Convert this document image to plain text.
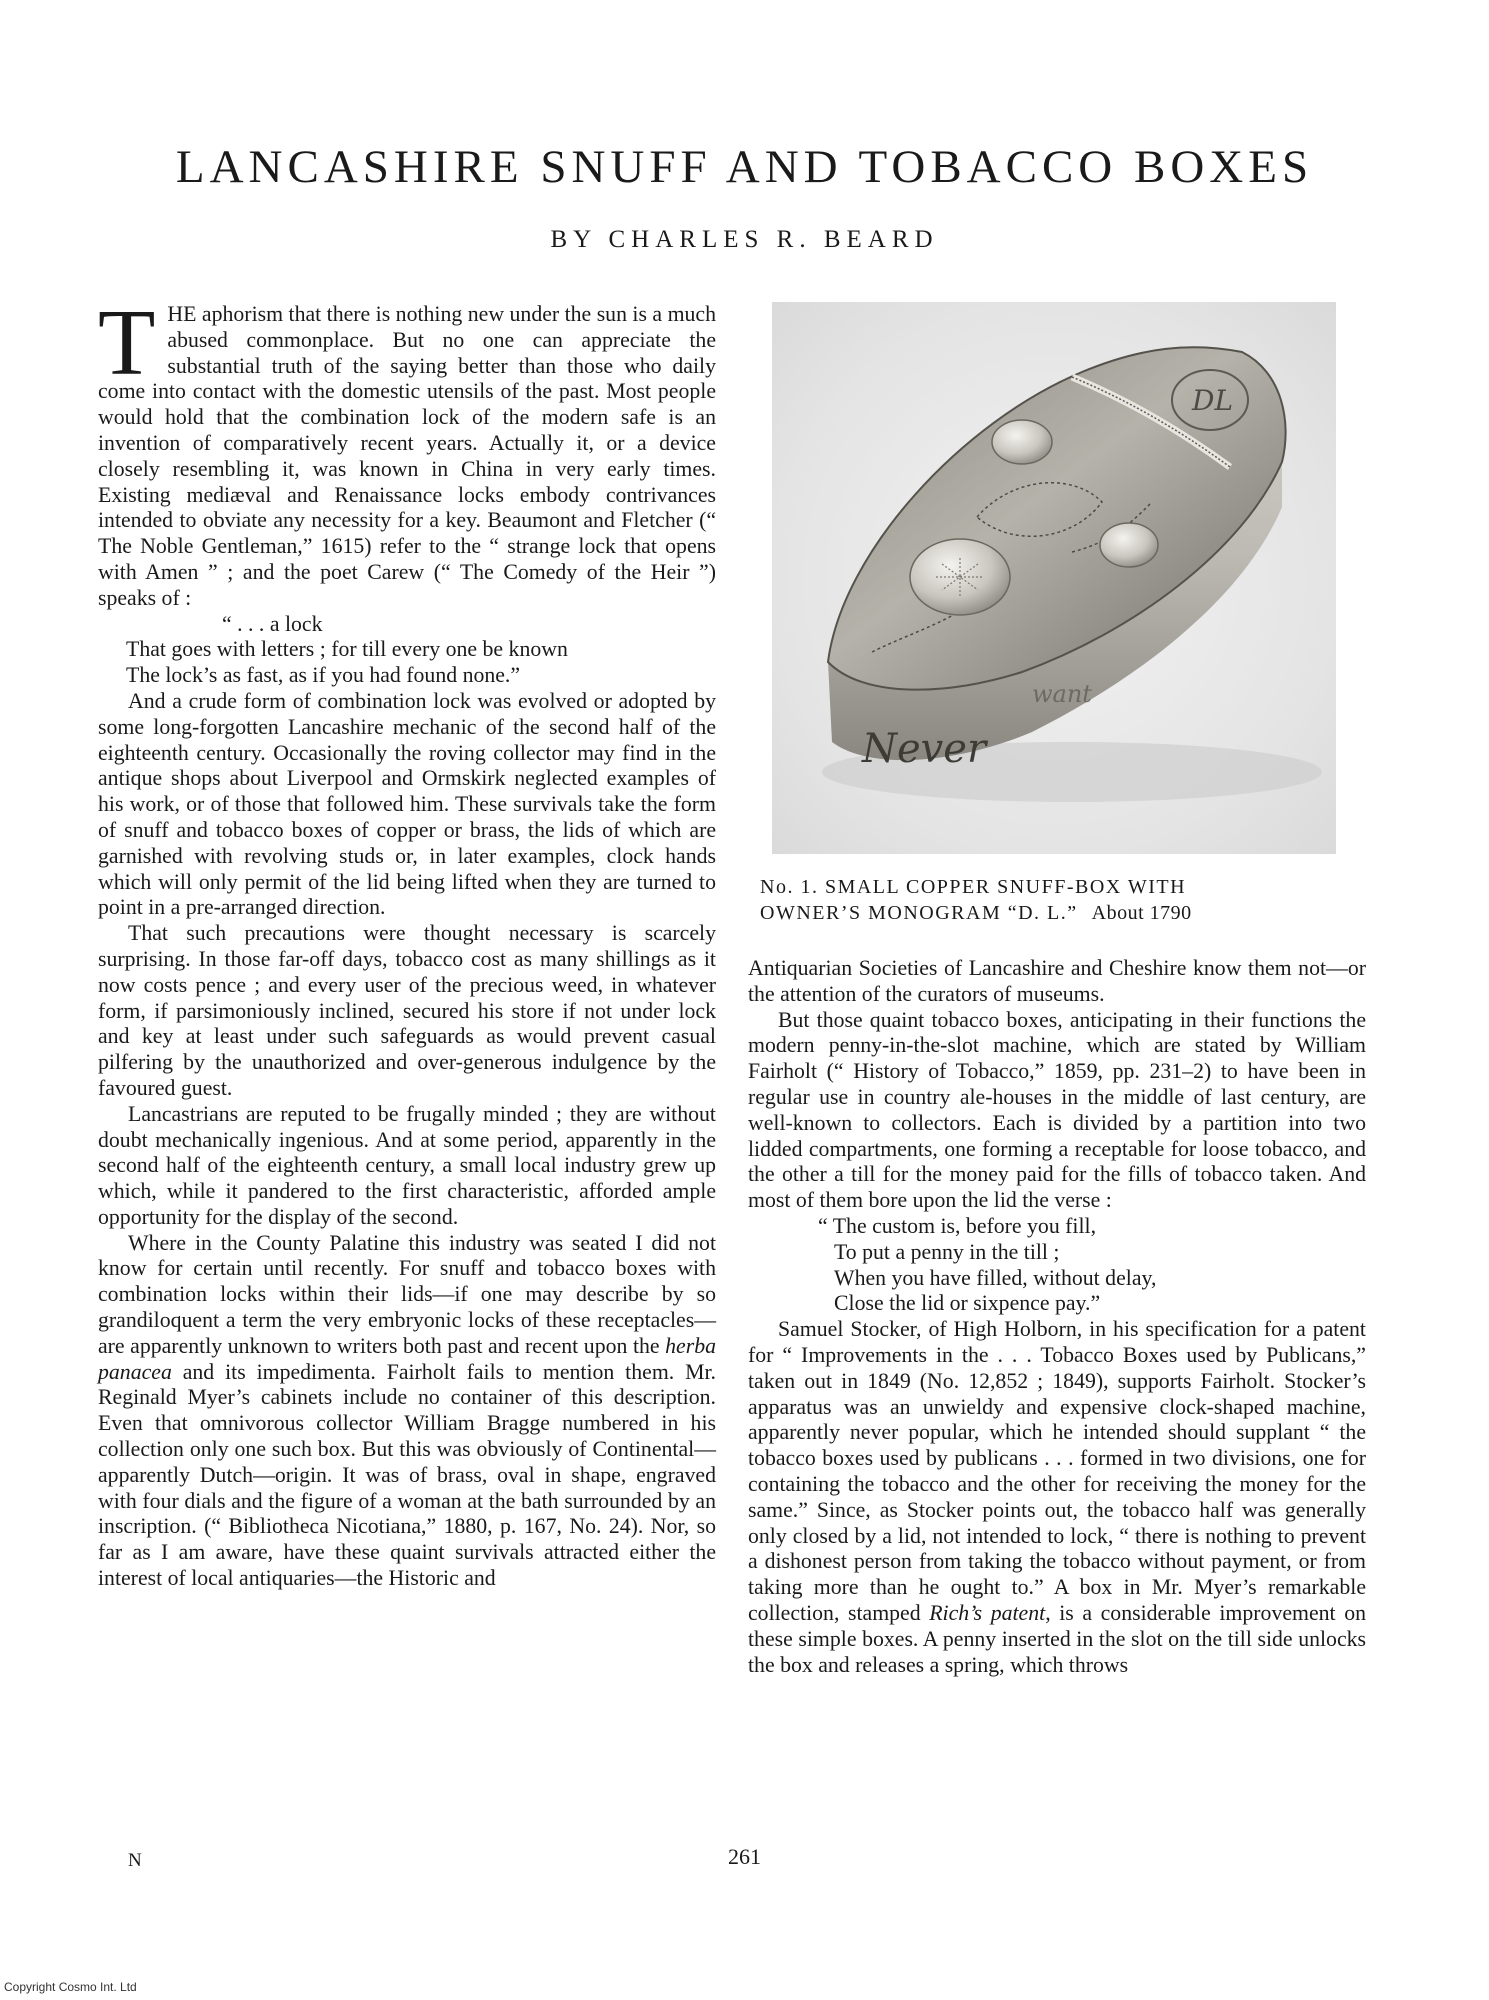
LANCASHIRE SNUFF AND TOBACCO BOXES
BY CHARLES R. BEARD

THE aphorism that there is nothing new under the sun is a much abused commonplace. But no one can appreciate the substantial truth of the saying better than those who daily come into contact with the domestic utensils of the past. Most people would hold that the combination lock of the modern safe is an invention of comparatively recent years. Actually it, or a device closely resembling it, was known in China in very early times. Existing mediæval and Renaissance locks embody contrivances intended to obviate any necessity for a key. Beaumont and Fletcher (“ The Noble Gentleman,” 1615) refer to the “ strange lock that opens with Amen ” ; and the poet Carew (“ The Comedy of the Heir ”) speaks of :

“ . . . a lock
That goes with letters ; for till every one be known
The lock’s as fast, as if you had found none.”

And a crude form of combination lock was evolved or adopted by some long-forgotten Lancashire mechanic of the second half of the eighteenth century. Occasionally the roving collector may find in the antique shops about Liverpool and Ormskirk neglected examples of his work, or of those that followed him. These survivals take the form of snuff and tobacco boxes of copper or brass, the lids of which are garnished with revolving studs or, in later examples, clock hands which will only permit of the lid being lifted when they are turned to point in a pre-arranged direction.

That such precautions were thought necessary is scarcely surprising. In those far-off days, tobacco cost as many shillings as it now costs pence ; and every user of the precious weed, in whatever form, if parsimoniously inclined, secured his store if not under lock and key at least under such safeguards as would prevent casual pilfering by the unauthorized and over-generous indulgence by the favoured guest.

Lancastrians are reputed to be frugally minded ; they are without doubt mechanically ingenious. And at some period, apparently in the second half of the eighteenth century, a small local industry grew up which, while it pandered to the first characteristic, afforded ample opportunity for the display of the second.

Where in the County Palatine this industry was seated I did not know for certain until recently. For snuff and tobacco boxes with combination locks within their lids—if one may describe by so grandiloquent a term the very embryonic locks of these receptacles—are apparently unknown to writers both past and recent upon the herba panacea and its impedimenta. Fairholt fails to mention them. Mr. Reginald Myer’s cabinets include no container of this description. Even that omnivorous collector William Bragge numbered in his collection only one such box. But this was obviously of Continental—apparently Dutch—origin. It was of brass, oval in shape, engraved with four dials and the figure of a woman at the bath surrounded by an inscription. (“ Bibliotheca Nicotiana,” 1880, p. 167, No. 24). Nor, so far as I am aware, have these quaint survivals attracted either the interest of local antiquaries—the Historic and

DL
Never
want
No. 1. SMALL COPPER SNUFF-BOX WITH
OWNER’S MONOGRAM “D. L.” About 1790

Antiquarian Societies of Lancashire and Cheshire know them not—or the attention of the curators of museums.

But those quaint tobacco boxes, anticipating in their functions the modern penny-in-the-slot machine, which are stated by William Fairholt (“ History of Tobacco,” 1859, pp. 231–2) to have been in regular use in country ale-houses in the middle of last century, are well-known to collectors. Each is divided by a partition into two lidded compartments, one forming a receptable for loose tobacco, and the other a till for the money paid for the fills of tobacco taken. And most of them bore upon the lid the verse :

“ The custom is, before you fill,
To put a penny in the till ;
When you have filled, without delay,
Close the lid or sixpence pay.”

Samuel Stocker, of High Holborn, in his specification for a patent for “ Improvements in the . . . Tobacco Boxes used by Publicans,” taken out in 1849 (No. 12,852 ; 1849), supports Fairholt. Stocker’s apparatus was an unwieldy and expensive clock-shaped machine, apparently never popular, which he intended should supplant “ the tobacco boxes used by publicans . . . formed in two divisions, one for containing the tobacco and the other for receiving the money for the same.” Since, as Stocker points out, the tobacco half was generally only closed by a lid, not intended to lock, “ there is nothing to prevent a dishonest person from taking the tobacco without payment, or from taking more than he ought to.” A box in Mr. Myer’s remarkable collection, stamped Rich’s patent, is a considerable improvement on these simple boxes. A penny inserted in the slot on the till side unlocks the box and releases a spring, which throws

N	261
Copyright Cosmo Int. Ltd
